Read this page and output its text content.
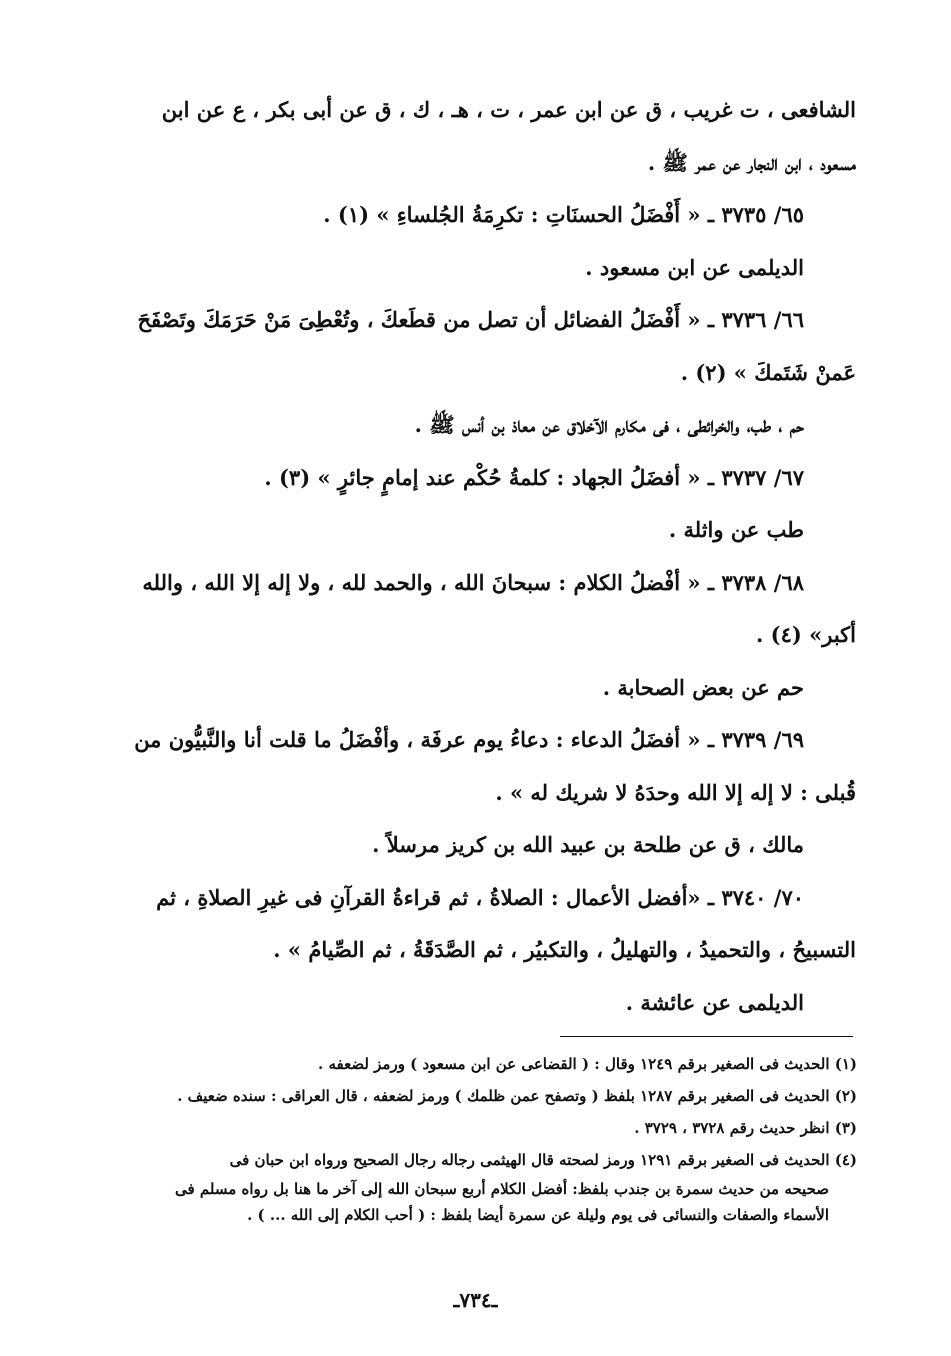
الشافعى ، ت غريب ، ق عن ابن عمر ، ت ، هـ ، ك ، ق عن أبى بكر ، ع عن ابن
مسعود ، ابن النجار عن عمر ﷺ .
٦٥/ ٣٧٣٥ ـ « أَفْضَلُ الحسنَاتِ : تكرِمَةُ الجُلساءِ » (١) .
الديلمى عن ابن مسعود .
٦٦/ ٣٧٣٦ ـ « أَفْضَلُ الفضائل أن تصل من قطَعكَ ، وتُعْطِىَ مَنْ حَرَمَكَ وتَصْفَحَ
عَمنْ شَتَمكَ » (٢) .
حم ، طب، والخرائطى ، فى مكارم الآخلاق عن معاذ بن أنس ﷺ .
٦٧/ ٣٧٣٧ ـ « أفضَلُ الجهاد : كلمةُ حُكْم عند إمامٍ جائرٍ » (٣) .
طب عن واثلة .
٦٨/ ٣٧٣٨ ـ « أفْضلُ الكلام : سبحانَ الله ، والحمد لله ، ولا إله إلا الله ، والله
أكبر» (٤) .
حم عن بعض الصحابة .
٦٩/ ٣٧٣٩ ـ « أفضَلُ الدعاء : دعاءُ يوم عرفَة ، وأفْضَلُ ما قلت أنا والنَّبيُّون من
قُبلى : لا إله إلا الله وحدَهُ لا شريك له » .
مالك ، ق عن طلحة بن عبيد الله بن كريز مرسلاً .
٧٠/ ٣٧٤٠ ـ «أفضل الأعمال : الصلاةُ ، ثم قراءةُ القرآنِ فى غيرِ الصلاةِ ، ثم
التسبيحُ ، والتحميدُ ، والتهليلُ ، والتكبيُر ، ثم الصَّدَقَةُ ، ثم الصِّيامُ » .
الديلمى عن عائشة .
(١) الحديث فى الصغير برقم ١٢٤٩ وقال : ( القضاعى عن ابن مسعود ) ورمز لضعفه .
(٢) الحديث فى الصغير برقم ١٢٨٧ بلفظ ( وتصفح عمن ظلمك ) ورمز لضعفه ، قال العراقى : سنده ضعيف .
(٣) انظر حديث رقم ٣٧٢٨ ، ٣٧٢٩ .
(٤) الحديث فى الصغير برقم ١٢٩١ ورمز لصحته قال الهيثمى رجاله رجال الصحيح ورواه ابن حبان فى
صحيحه من حديث سمرة بن جندب بلفظ: أفضل الكلام أربع سبحان الله إلى آخر ما هنا بل رواه مسلم فى
الأسماء والصفات والنسائى فى يوم وليلة عن سمرة أيضا بلفظ : ( أحب الكلام إلى الله ... ) .
ـ٧٣٤ـ
